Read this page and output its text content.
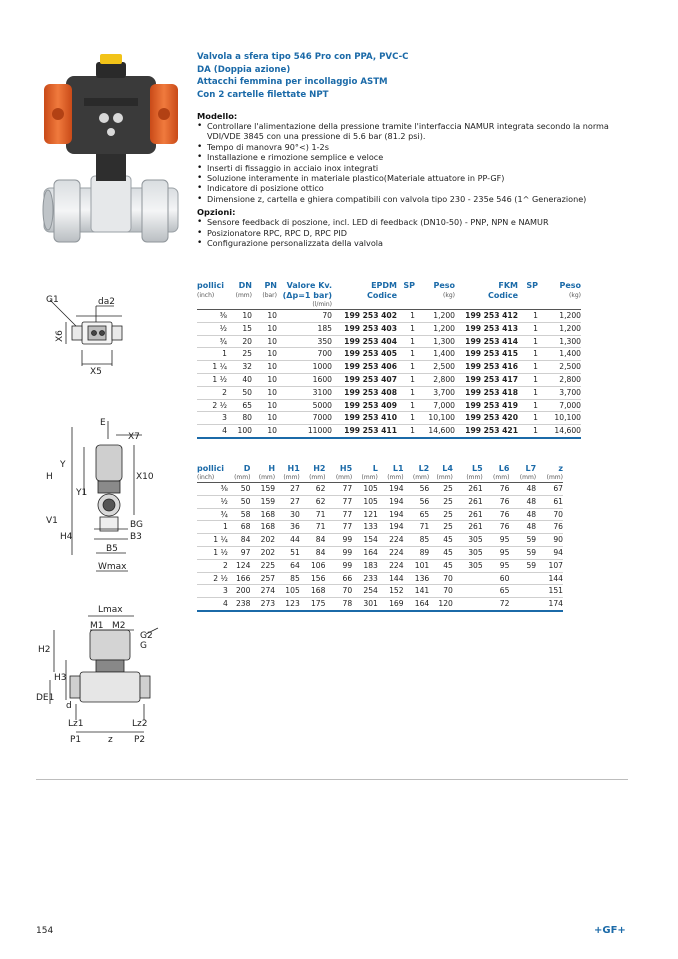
Valvola a sfera tipo 546 Pro con PPA, PVC-C
DA (Doppia azione)
Attacchi femmina per incollaggio ASTM
Con 2 cartelle filettate NPT
Modello:
• Controllare l'alimentazione della pressione tramite l'interfaccia NAMUR integrata secondo la norma VDI/VDE 3845 con una pressione di 5.6 bar (81.2 psi).
• Tempo di manovra 90°<) 1-2s
• Installazione e rimozione semplice e veloce
• Inserti di fissaggio in acciaio inox integrati
• Soluzione interamente in materiale plastico(Materiale attuatore in PP-GF)
• Indicatore di posizione ottico
• Dimensione z, cartella e ghiera compatibili con valvola tipo 230 - 235e 546 (1^ Generazione)
Opzioni:
• Sensore feedback di poszione, incl. LED di feedback (DN10-50) - PNP, NPN e NAMUR
• Posizionatore RPC, RPC D, RPC PID
• Configurazione personalizzata della valvola
pollici	DN	PN	Valore Kv.	EPDM	SP	Peso	FKM	SP	Peso
(inch)	(mm)	(bar)	(Δp=1 bar)	Codice		(kg)	Codice		(kg)
			(l/min)						
⅜	10	10	70	199 253 402	1	1,200	199 253 412	1	1,200
½	15	10	185	199 253 403	1	1,200	199 253 413	1	1,200
¾	20	10	350	199 253 404	1	1,300	199 253 414	1	1,300
1	25	10	700	199 253 405	1	1,400	199 253 415	1	1,400
1 ¼	32	10	1000	199 253 406	1	2,500	199 253 416	1	2,500
1 ½	40	10	1600	199 253 407	1	2,800	199 253 417	1	2,800
2	50	10	3100	199 253 408	1	3,700	199 253 418	1	3,700
2 ½	65	10	5000	199 253 409	1	7,000	199 253 419	1	7,000
3	80	10	7000	199 253 410	1	10,100	199 253 420	1	10,100
4	100	10	11000	199 253 411	1	14,600	199 253 421	1	14,600
pollici	D	H	H1	H2	H5	L	L1	L2	L4	L5	L6	L7	z
(inch)	(mm)	(mm)	(mm)	(mm)	(mm)	(mm)	(mm)	(mm)	(mm)	(mm)	(mm)	(mm)	(mm)
⅜	50	159	27	62	77	105	194	56	25	261	76	48	67
½	50	159	27	62	77	105	194	56	25	261	76	48	61
¾	58	168	30	71	77	121	194	65	25	261	76	48	70
1	68	168	36	71	77	133	194	71	25	261	76	48	76
1 ¼	84	202	44	84	99	154	224	85	45	305	95	59	90
1 ½	97	202	51	84	99	164	224	89	45	305	95	59	94
2	124	225	64	106	99	183	224	101	45	305	95	59	107
2 ½	166	257	85	156	66	233	144	136	70		60		144
3	200	274	105	168	70	254	152	141	70		65		151
4	238	273	123	175	78	301	169	164	120		72		174
G1	da2
X6
X5
E
X7
H
Y
Y1
X10
V1
H4
BG
B3
B5
Wmax
Lmax
M1 M2
G2
G
H2
H3
DE1
d
Lz1	Lz2
P1	z P2
154	+GF+
